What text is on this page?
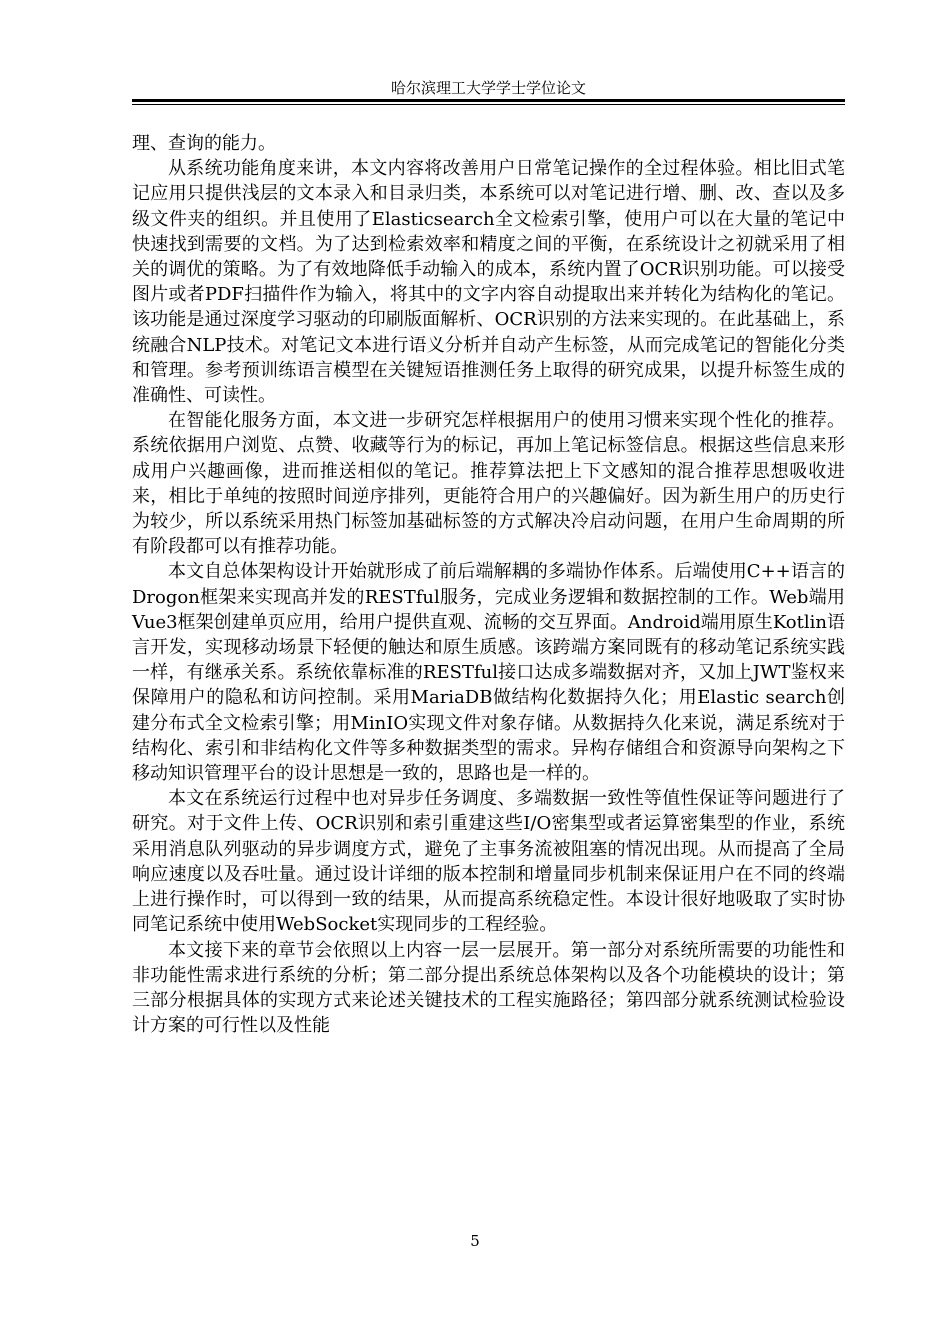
哈尔滨理工大学学士学位论文

理、查询的能力。

从系统功能角度来讲，本文内容将改善用户日常笔记操作的全过程体验。相比旧式笔记应用只提供浅层的文本录入和目录归类，本系统可以对笔记进行增、删、改、查以及多级文件夹的组织。并且使用了Elasticsearch全文检索引擎，使用户可以在大量的笔记中快速找到需要的文档。为了达到检索效率和精度之间的平衡，在系统设计之初就采用了相关的调优的策略。为了有效地降低手动输入的成本，系统内置了OCR识别功能。可以接受图片或者PDF扫描件作为输入，将其中的文字内容自动提取出来并转化为结构化的笔记。该功能是通过深度学习驱动的印刷版面解析、OCR识别的方法来实现的。在此基础上，系统融合NLP技术。对笔记文本进行语义分析并自动产生标签，从而完成笔记的智能化分类和管理。参考预训练语言模型在关键短语推测任务上取得的研究成果，以提升标签生成的准确性、可读性。

在智能化服务方面，本文进一步研究怎样根据用户的使用习惯来实现个性化的推荐。系统依据用户浏览、点赞、收藏等行为的标记，再加上笔记标签信息。根据这些信息来形成用户兴趣画像，进而推送相似的笔记。推荐算法把上下文感知的混合推荐思想吸收进来，相比于单纯的按照时间逆序排列，更能符合用户的兴趣偏好。因为新生用户的历史行为较少，所以系统采用热门标签加基础标签的方式解决冷启动问题，在用户生命周期的所有阶段都可以有推荐功能。

本文自总体架构设计开始就形成了前后端解耦的多端协作体系。后端使用C++语言的Drogon框架来实现高并发的RESTful服务，完成业务逻辑和数据控制的工作。Web端用Vue3框架创建单页应用，给用户提供直观、流畅的交互界面。Android端用原生Kotlin语言开发，实现移动场景下轻便的触达和原生质感。该跨端方案同既有的移动笔记系统实践一样，有继承关系。系统依靠标准的RESTful接口达成多端数据对齐，又加上JWT鉴权来保障用户的隐私和访问控制。采用MariaDB做结构化数据持久化；用Elastic search创建分布式全文检索引擎；用MinIO实现文件对象存储。从数据持久化来说，满足系统对于结构化、索引和非结构化文件等多种数据类型的需求。异构存储组合和资源导向架构之下移动知识管理平台的设计思想是一致的，思路也是一样的。

本文在系统运行过程中也对异步任务调度、多端数据一致性等值性保证等问题进行了研究。对于文件上传、OCR识别和索引重建这些I/O密集型或者运算密集型的作业，系统采用消息队列驱动的异步调度方式，避免了主事务流被阻塞的情况出现。从而提高了全局响应速度以及吞吐量。通过设计详细的版本控制和增量同步机制来保证用户在不同的终端上进行操作时，可以得到一致的结果，从而提高系统稳定性。本设计很好地吸取了实时协同笔记系统中使用WebSocket实现同步的工程经验。

本文接下来的章节会依照以上内容一层一层展开。第一部分对系统所需要的功能性和非功能性需求进行系统的分析；第二部分提出系统总体架构以及各个功能模块的设计；第三部分根据具体的实现方式来论述关键技术的工程实施路径；第四部分就系统测试检验设计方案的可行性以及性能

5
